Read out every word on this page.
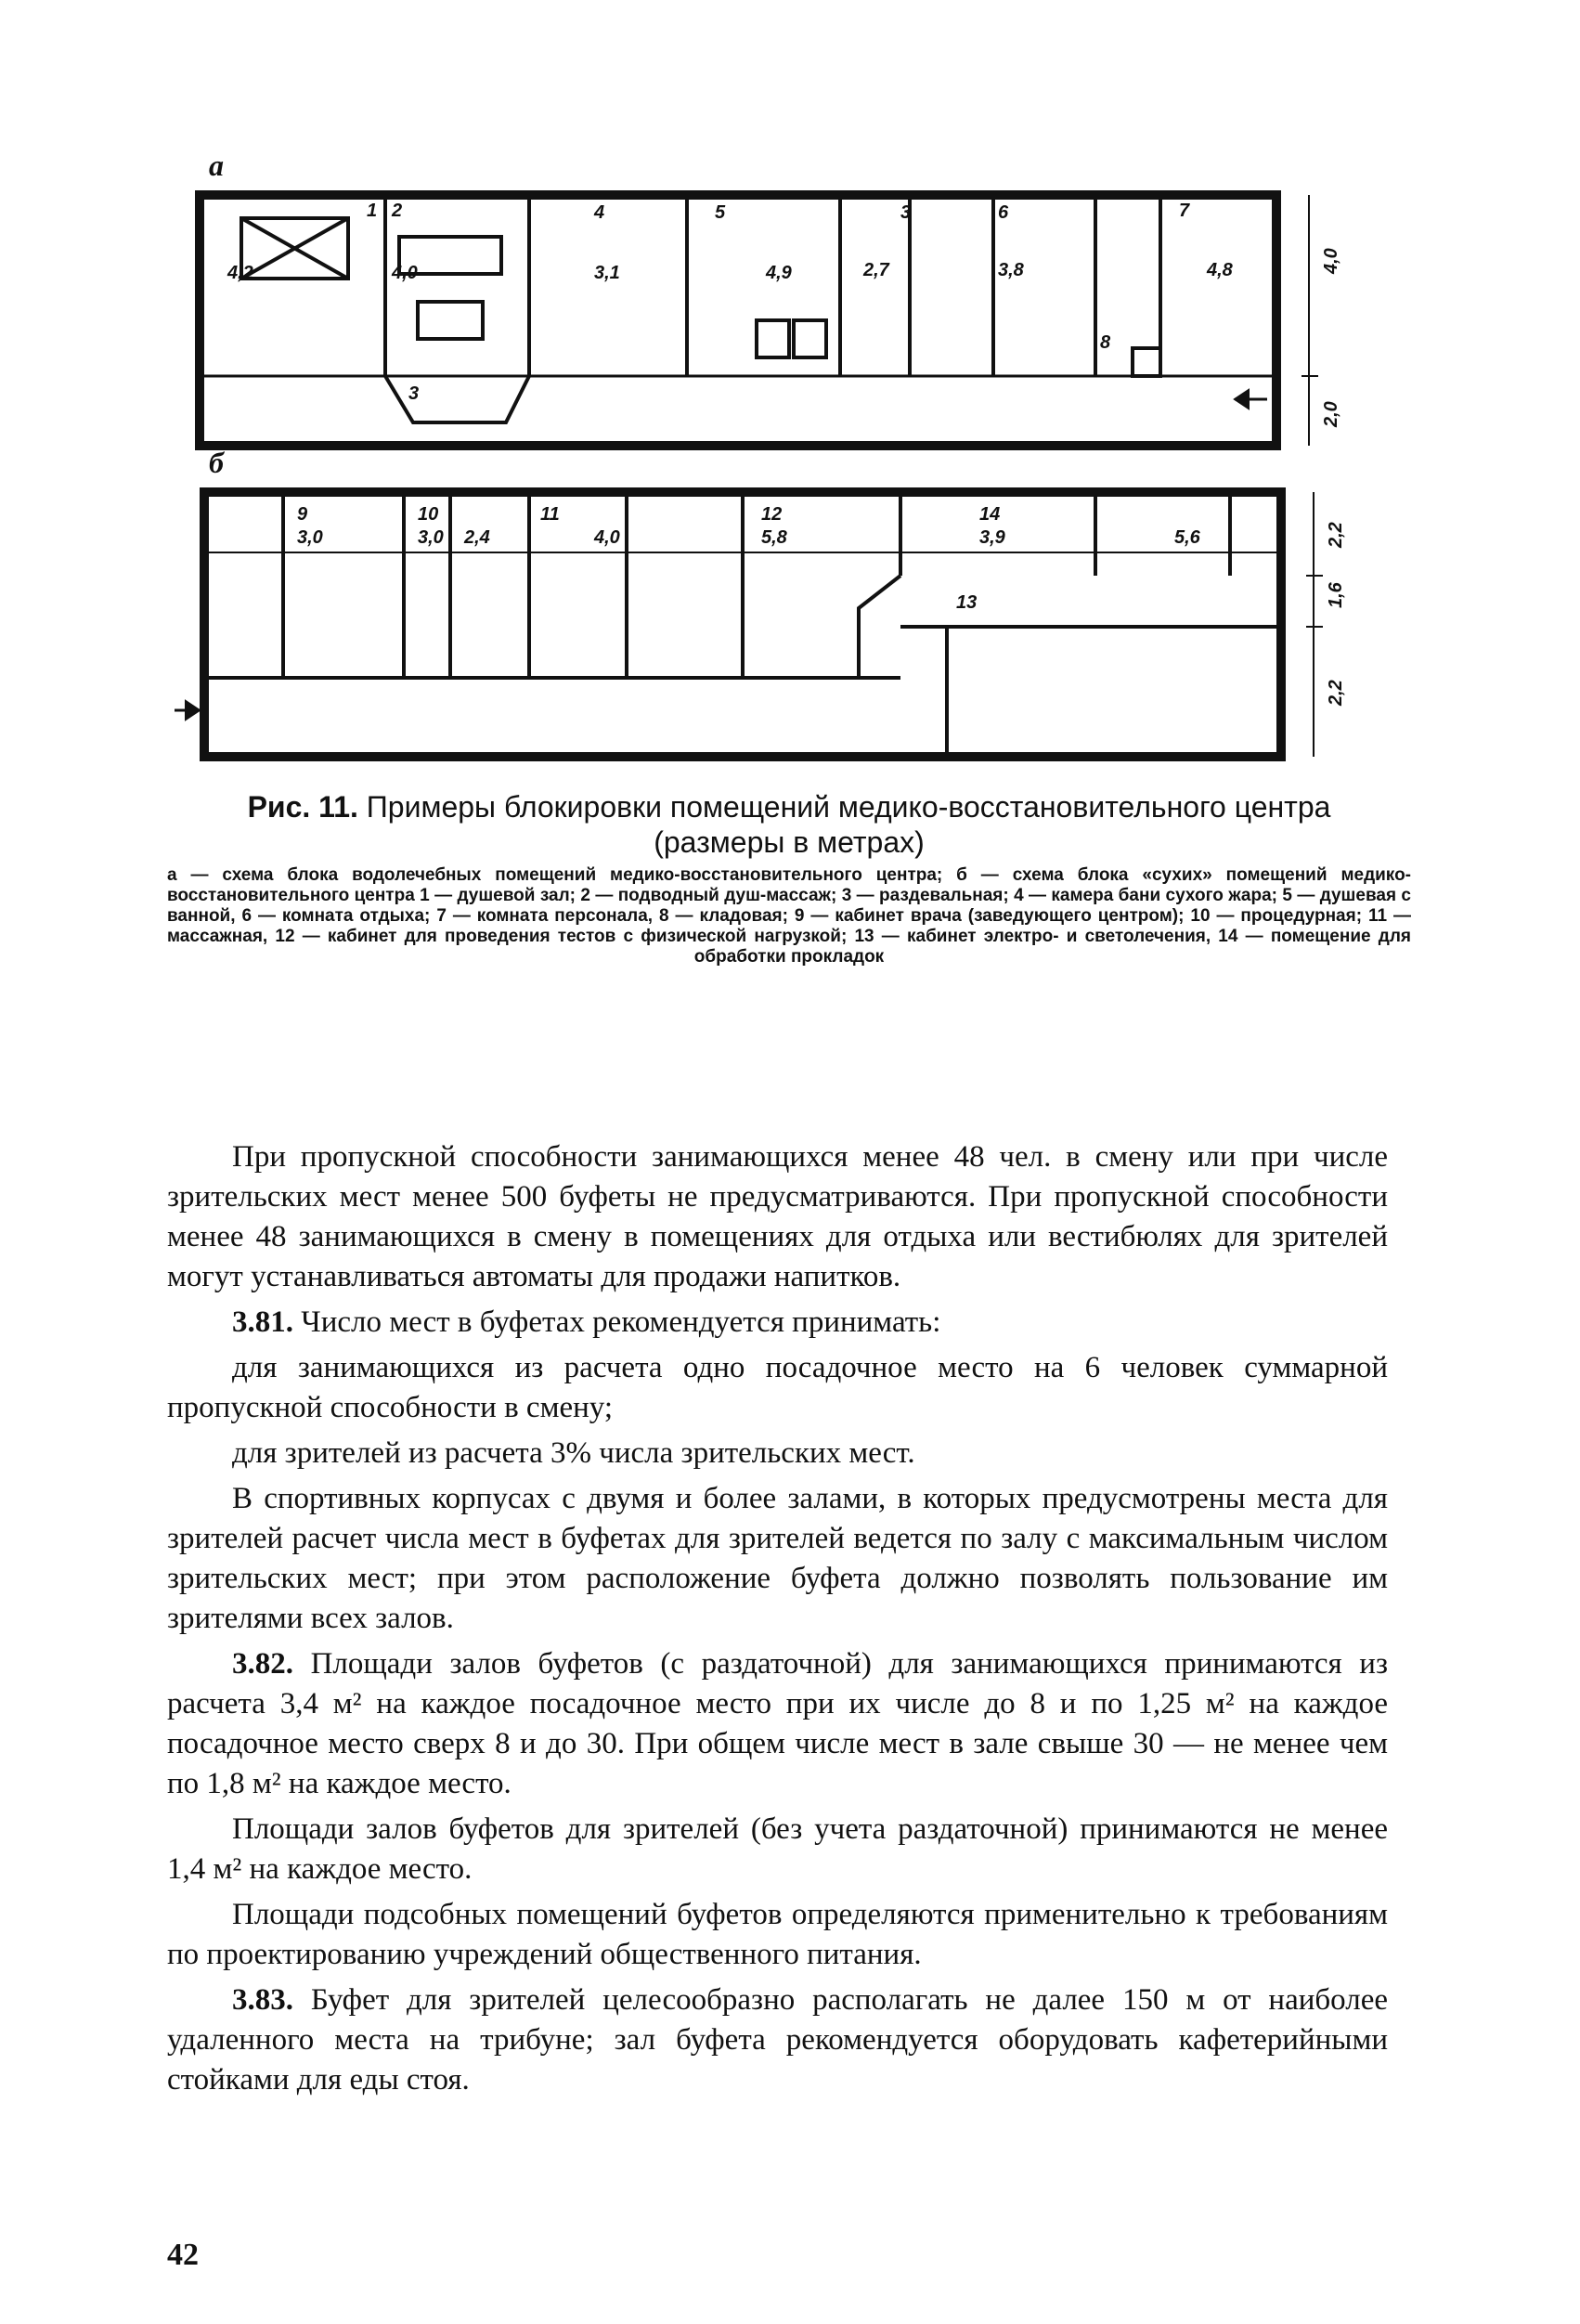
a
1 2
3
4	5	3	6	7
8
4,2	4,0	3,1	4,9	2,7	3,8	4,8	4,0
2,0
б
9	10	11	12	14
13
3,0	3,0 2,4	4,0	5,8	3,9	5,6	2,2
1,6
2,2
Рис. 11. Примеры блокировки помещений медико-восстановительного центра
(размеры в метрах)
а — схема блока водолечебных помещений медико-восстановительного центра; б — схема блока «сухих» помещений медико-восстановительного центра 1 — душевой зал; 2 — подводный душ-массаж; 3 — раздевальная; 4 — камера бани сухого жара; 5 — душевая с ванной, 6 — комната отдыха; 7 — комната персонала, 8 — кладовая; 9 — кабинет врача (заведующего центром); 10 — процедурная; 11 — массажная, 12 — кабинет для проведения тестов с физической нагрузкой; 13 — кабинет электро- и светолечения, 14 — помещение для обработки прокладок

При пропускной способности занимающихся менее 48 чел. в смену или при числе зрительских мест менее 500 буфеты не предусматриваются. При пропускной способности менее 48 занимающихся в смену в помещениях для отдыха или вестибюлях для зрителей могут устанавливаться автоматы для продажи напитков.

3.81. Число мест в буфетах рекомендуется принимать:

для занимающихся из расчета одно посадочное место на 6 человек суммарной пропускной способности в смену;

для зрителей из расчета 3% числа зрительских мест.

В спортивных корпусах с двумя и более залами, в которых предусмотрены места для зрителей расчет числа мест в буфетах для зрителей ведется по залу с максимальным числом зрительских мест; при этом расположение буфета должно позволять пользование им зрителями всех залов.

3.82. Площади залов буфетов (с раздаточной) для занимающихся принимаются из расчета 3,4 м² на каждое посадочное место при их числе до 8 и по 1,25 м² на каждое посадочное место сверх 8 и до 30. При общем числе мест в зале свыше 30 — не менее чем по 1,8 м² на каждое место.

Площади залов буфетов для зрителей (без учета раздаточной) принимаются не менее 1,4 м² на каждое место.

Площади подсобных помещений буфетов определяются применительно к требованиям по проектированию учреждений общественного питания.

3.83. Буфет для зрителей целесообразно располагать не далее 150 м от наиболее удаленного места на трибуне; зал буфета рекомендуется оборудовать кафетерийными стойками для еды стоя.

42
